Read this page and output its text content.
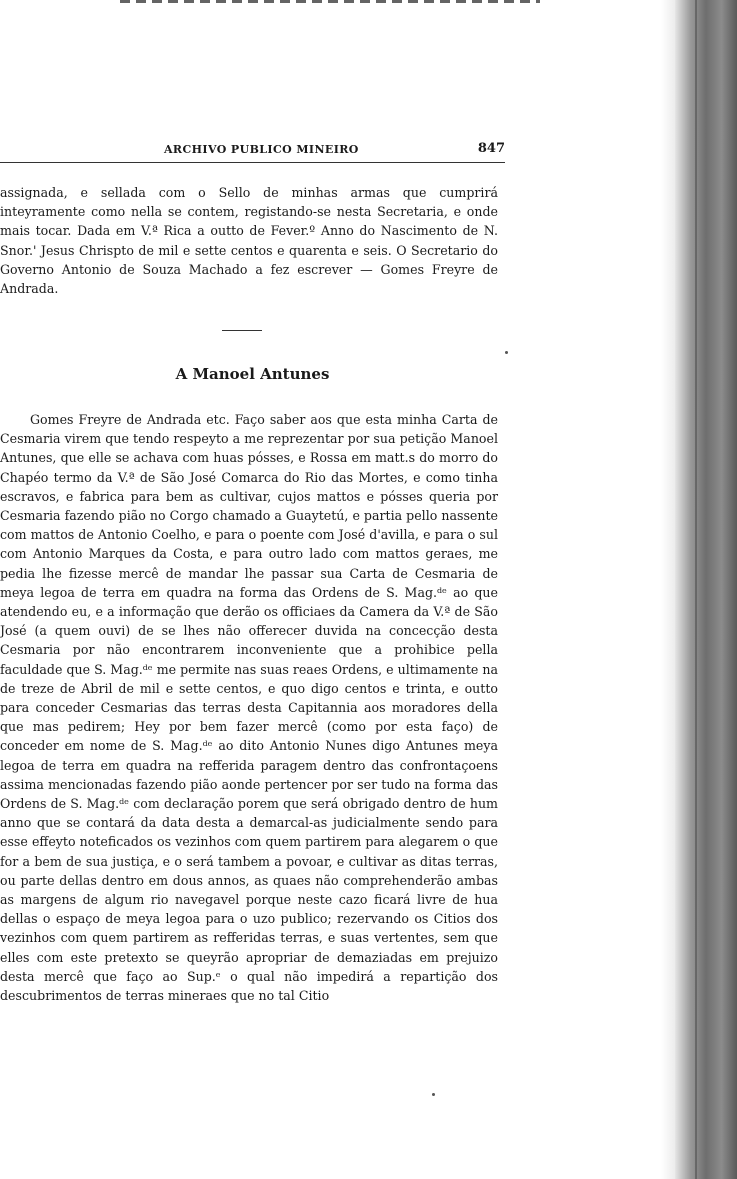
ARCHIVO PUBLICO MINEIRO	847
assignada, e sellada com o Sello de minhas armas que cumprirá inteyramente como nella se contem, registando-se nesta Secretaria, e onde mais tocar. Dada em V.ª Rica a outto de Fever.º Anno do Nascimento de N. Snor.' Jesus Chrispto de mil e sette centos e quarenta e seis. O Secretario do Governo Antonio de Souza Machado a fez escrever — Gomes Freyre de Andrada.
A Manoel Antunes
Gomes Freyre de Andrada etc. Faço saber aos que esta minha Carta de Cesmaria virem que tendo respeyto a me reprezentar por sua petição Manoel Antunes, que elle se achava com huas pósses, e Rossa em matt.s do morro do Chapéo termo da V.ª de São José Comarca do Rio das Mortes, e como tinha escravos, e fabrica para bem as cultivar, cujos mattos e pósses queria por Cesmaria fazendo pião no Corgo chamado a Guaytetú, e partia pello nassente com mattos de Antonio Coelho, e para o poente com José d'avilla, e para o sul com Antonio Marques da Costa, e para outro lado com mattos geraes, me pedia lhe fizesse mercê de mandar lhe passar sua Carta de Cesmaria de meya legoa de terra em quadra na forma das Ordens de S. Mag.ᵈᵉ ao que atendendo eu, e a informação que derão os officiaes da Camera da V.ª de São José (a quem ouvi) de se lhes não offerecer duvida na concecção desta Cesmaria por não encontrarem inconveniente que a prohibice pella faculdade que S. Mag.ᵈᵉ me permite nas suas reaes Ordens, e ultimamente na de treze de Abril de mil e sette centos, e quo digo centos e trinta, e outto para conceder Cesmarias das terras desta Capitannia aos moradores della que mas pedirem; Hey por bem fazer mercê (como por esta faço) de conceder em nome de S. Mag.ᵈᵉ ao dito Antonio Nunes digo Antunes meya legoa de terra em quadra na refferida paragem dentro das confrontaçoens assima mencionadas fazendo pião aonde pertencer por ser tudo na forma das Ordens de S. Mag.ᵈᵉ com declaração porem que será obrigado dentro de hum anno que se contará da data desta a demarcal-as judicialmente sendo para esse effeyto noteficados os vezinhos com quem partirem para alegarem o que for a bem de sua justiça, e o será tambem a povoar, e cultivar as ditas terras, ou parte dellas dentro em dous annos, as quaes não comprehenderão ambas as margens de algum rio navegavel porque neste cazo ficará livre de hua dellas o espaço de meya legoa para o uzo publico; rezervando os Citios dos vezinhos com quem partirem as refferidas terras, e suas vertentes, sem que elles com este pretexto se queyrão apropriar de demaziadas em prejuizo desta mercê que faço ao Sup.ᵉ o qual não impedirá a repartição dos descubrimentos de terras mineraes que no tal Citio
